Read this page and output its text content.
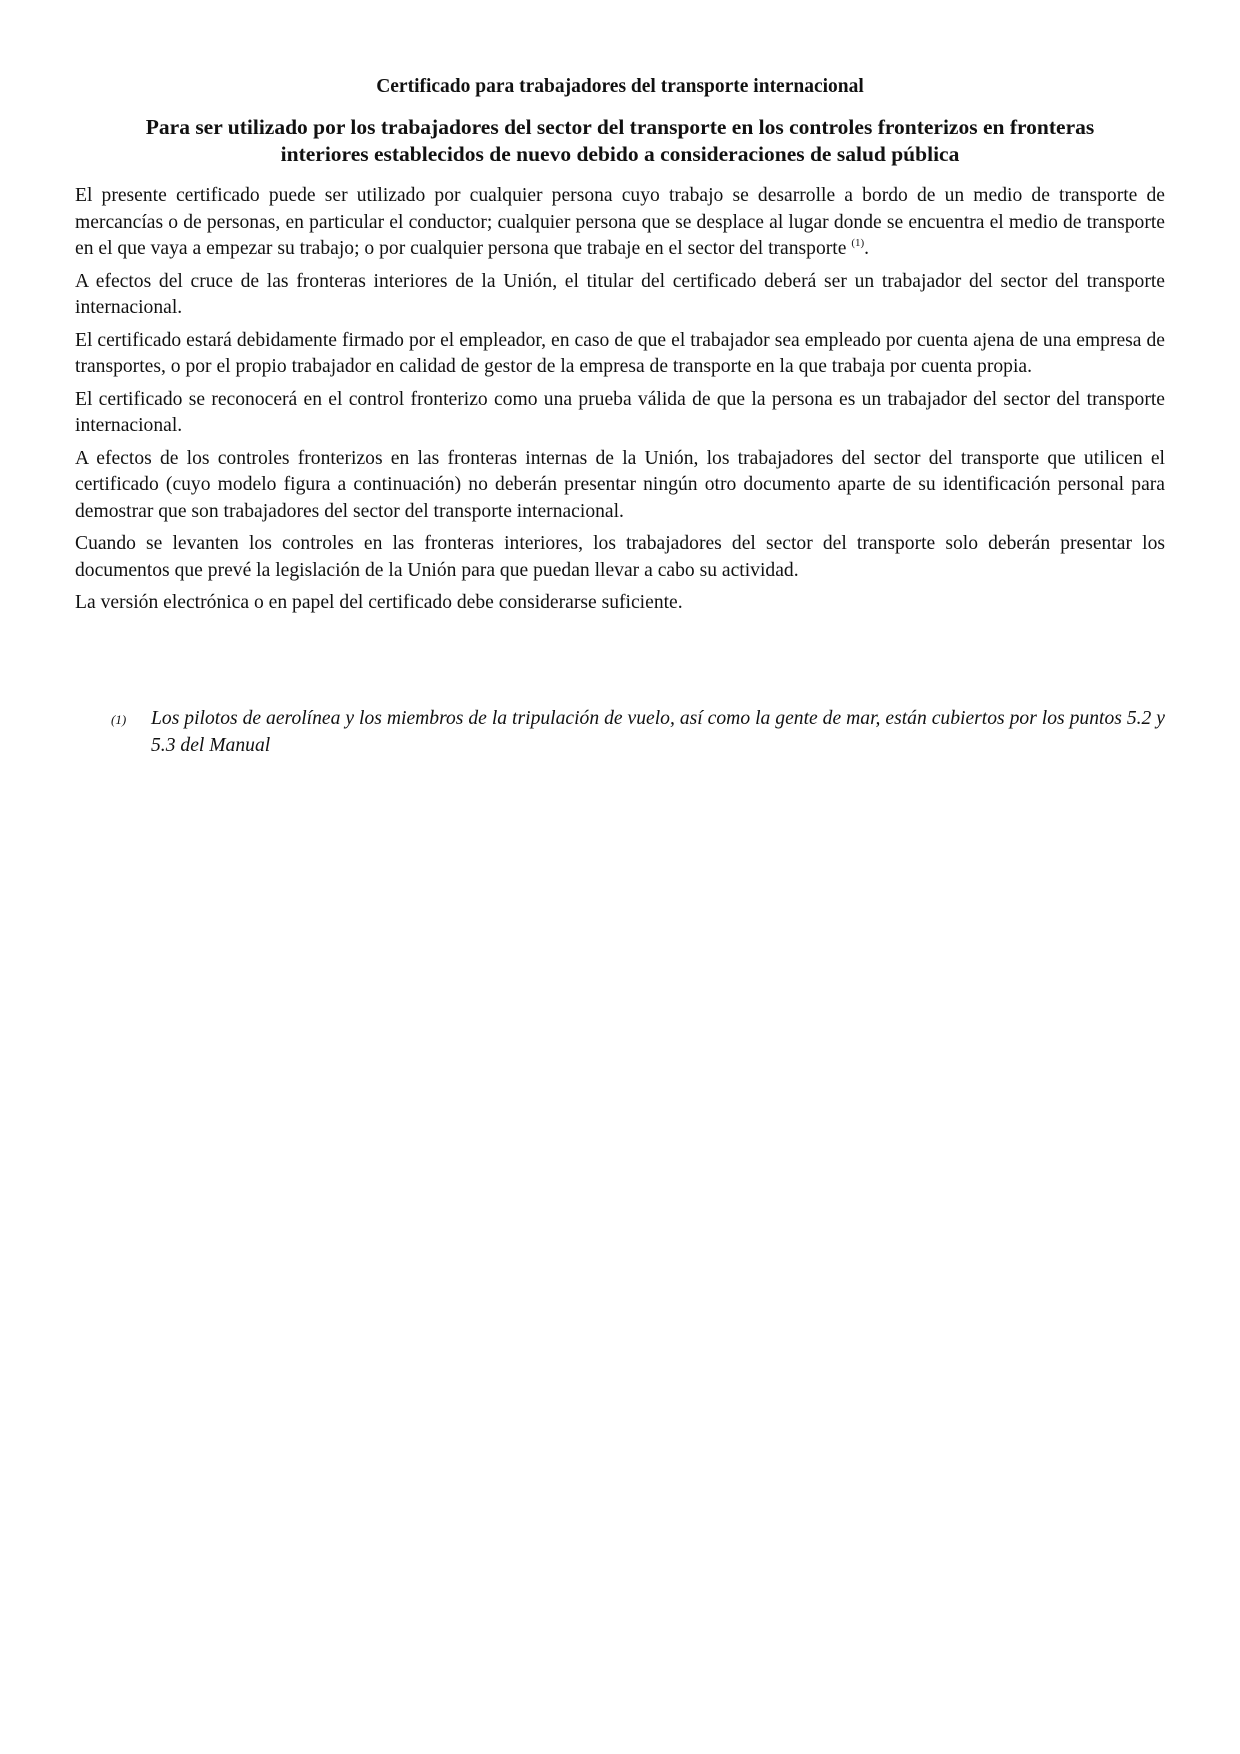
Certificado para trabajadores del transporte internacional
Para ser utilizado por los trabajadores del sector del transporte en los controles fronterizos en fronteras
interiores establecidos de nuevo debido a consideraciones de salud pública

El presente certificado puede ser utilizado por cualquier persona cuyo trabajo se desarrolle a bordo de un medio de transporte de mercancías o de personas, en particular el conductor; cualquier persona que se desplace al lugar donde se encuentra el medio de transporte en el que vaya a empezar su trabajo; o por cualquier persona que trabaje en el sector del transporte $^{(1)}$.

A efectos del cruce de las fronteras interiores de la Unión, el titular del certificado deberá ser un trabajador del sector del transporte internacional.

El certificado estará debidamente firmado por el empleador, en caso de que el trabajador sea empleado por cuenta ajena de una empresa de transportes, o por el propio trabajador en calidad de gestor de la empresa de transporte en la que trabaja por cuenta propia.

El certificado se reconocerá en el control fronterizo como una prueba válida de que la persona es un trabajador del sector del transporte internacional.

A efectos de los controles fronterizos en las fronteras internas de la Unión, los trabajadores del sector del transporte que utilicen el certificado (cuyo modelo figura a continuación) no deberán presentar ningún otro documento aparte de su identificación personal para demostrar que son trabajadores del sector del transporte internacional.

Cuando se levanten los controles en las fronteras interiores, los trabajadores del sector del transporte solo deberán presentar los documentos que prevé la legislación de la Unión para que puedan llevar a cabo su actividad.

La versión electrónica o en papel del certificado debe considerarse suficiente.

(1)	Los pilotos de aerolínea y los miembros de la tripulación de vuelo, así como la gente de mar, están cubiertos por los puntos 5.2 y 5.3 del Manual
